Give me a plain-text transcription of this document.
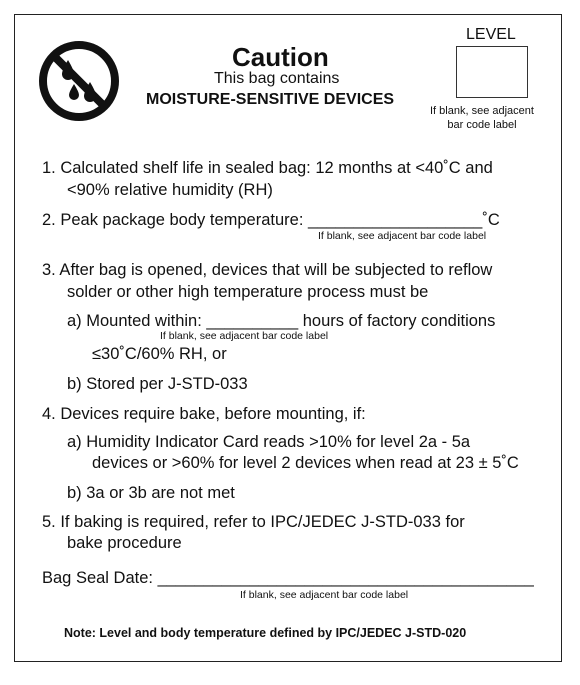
Caution
This bag contains
MOISTURE-SENSITIVE DEVICES
LEVEL
If blank, see adjacent
bar code label
1. Calculated shelf life in sealed bag: 12 months at <40˚C and
<90% relative humidity (RH)
2. Peak package body temperature: ___________________˚C
If blank, see adjacent bar code label
3. After bag is opened, devices that will be subjected to reflow
solder or other high temperature process must be
a) Mounted within: __________ hours of factory conditions
If blank, see adjacent bar code label
≤30˚C/60% RH, or
b) Stored per J-STD-033
4. Devices require bake, before mounting, if:
a) Humidity Indicator Card reads >10% for level 2a - 5a
devices or >60% for level 2 devices when read at 23 ± 5˚C
b) 3a or 3b are not met
5. If baking is required, refer to IPC/JEDEC J-STD-033 for
bake procedure
Bag Seal Date: _________________________________________
If blank, see adjacent bar code label
Note: Level and body temperature defined by IPC/JEDEC J-STD-020
